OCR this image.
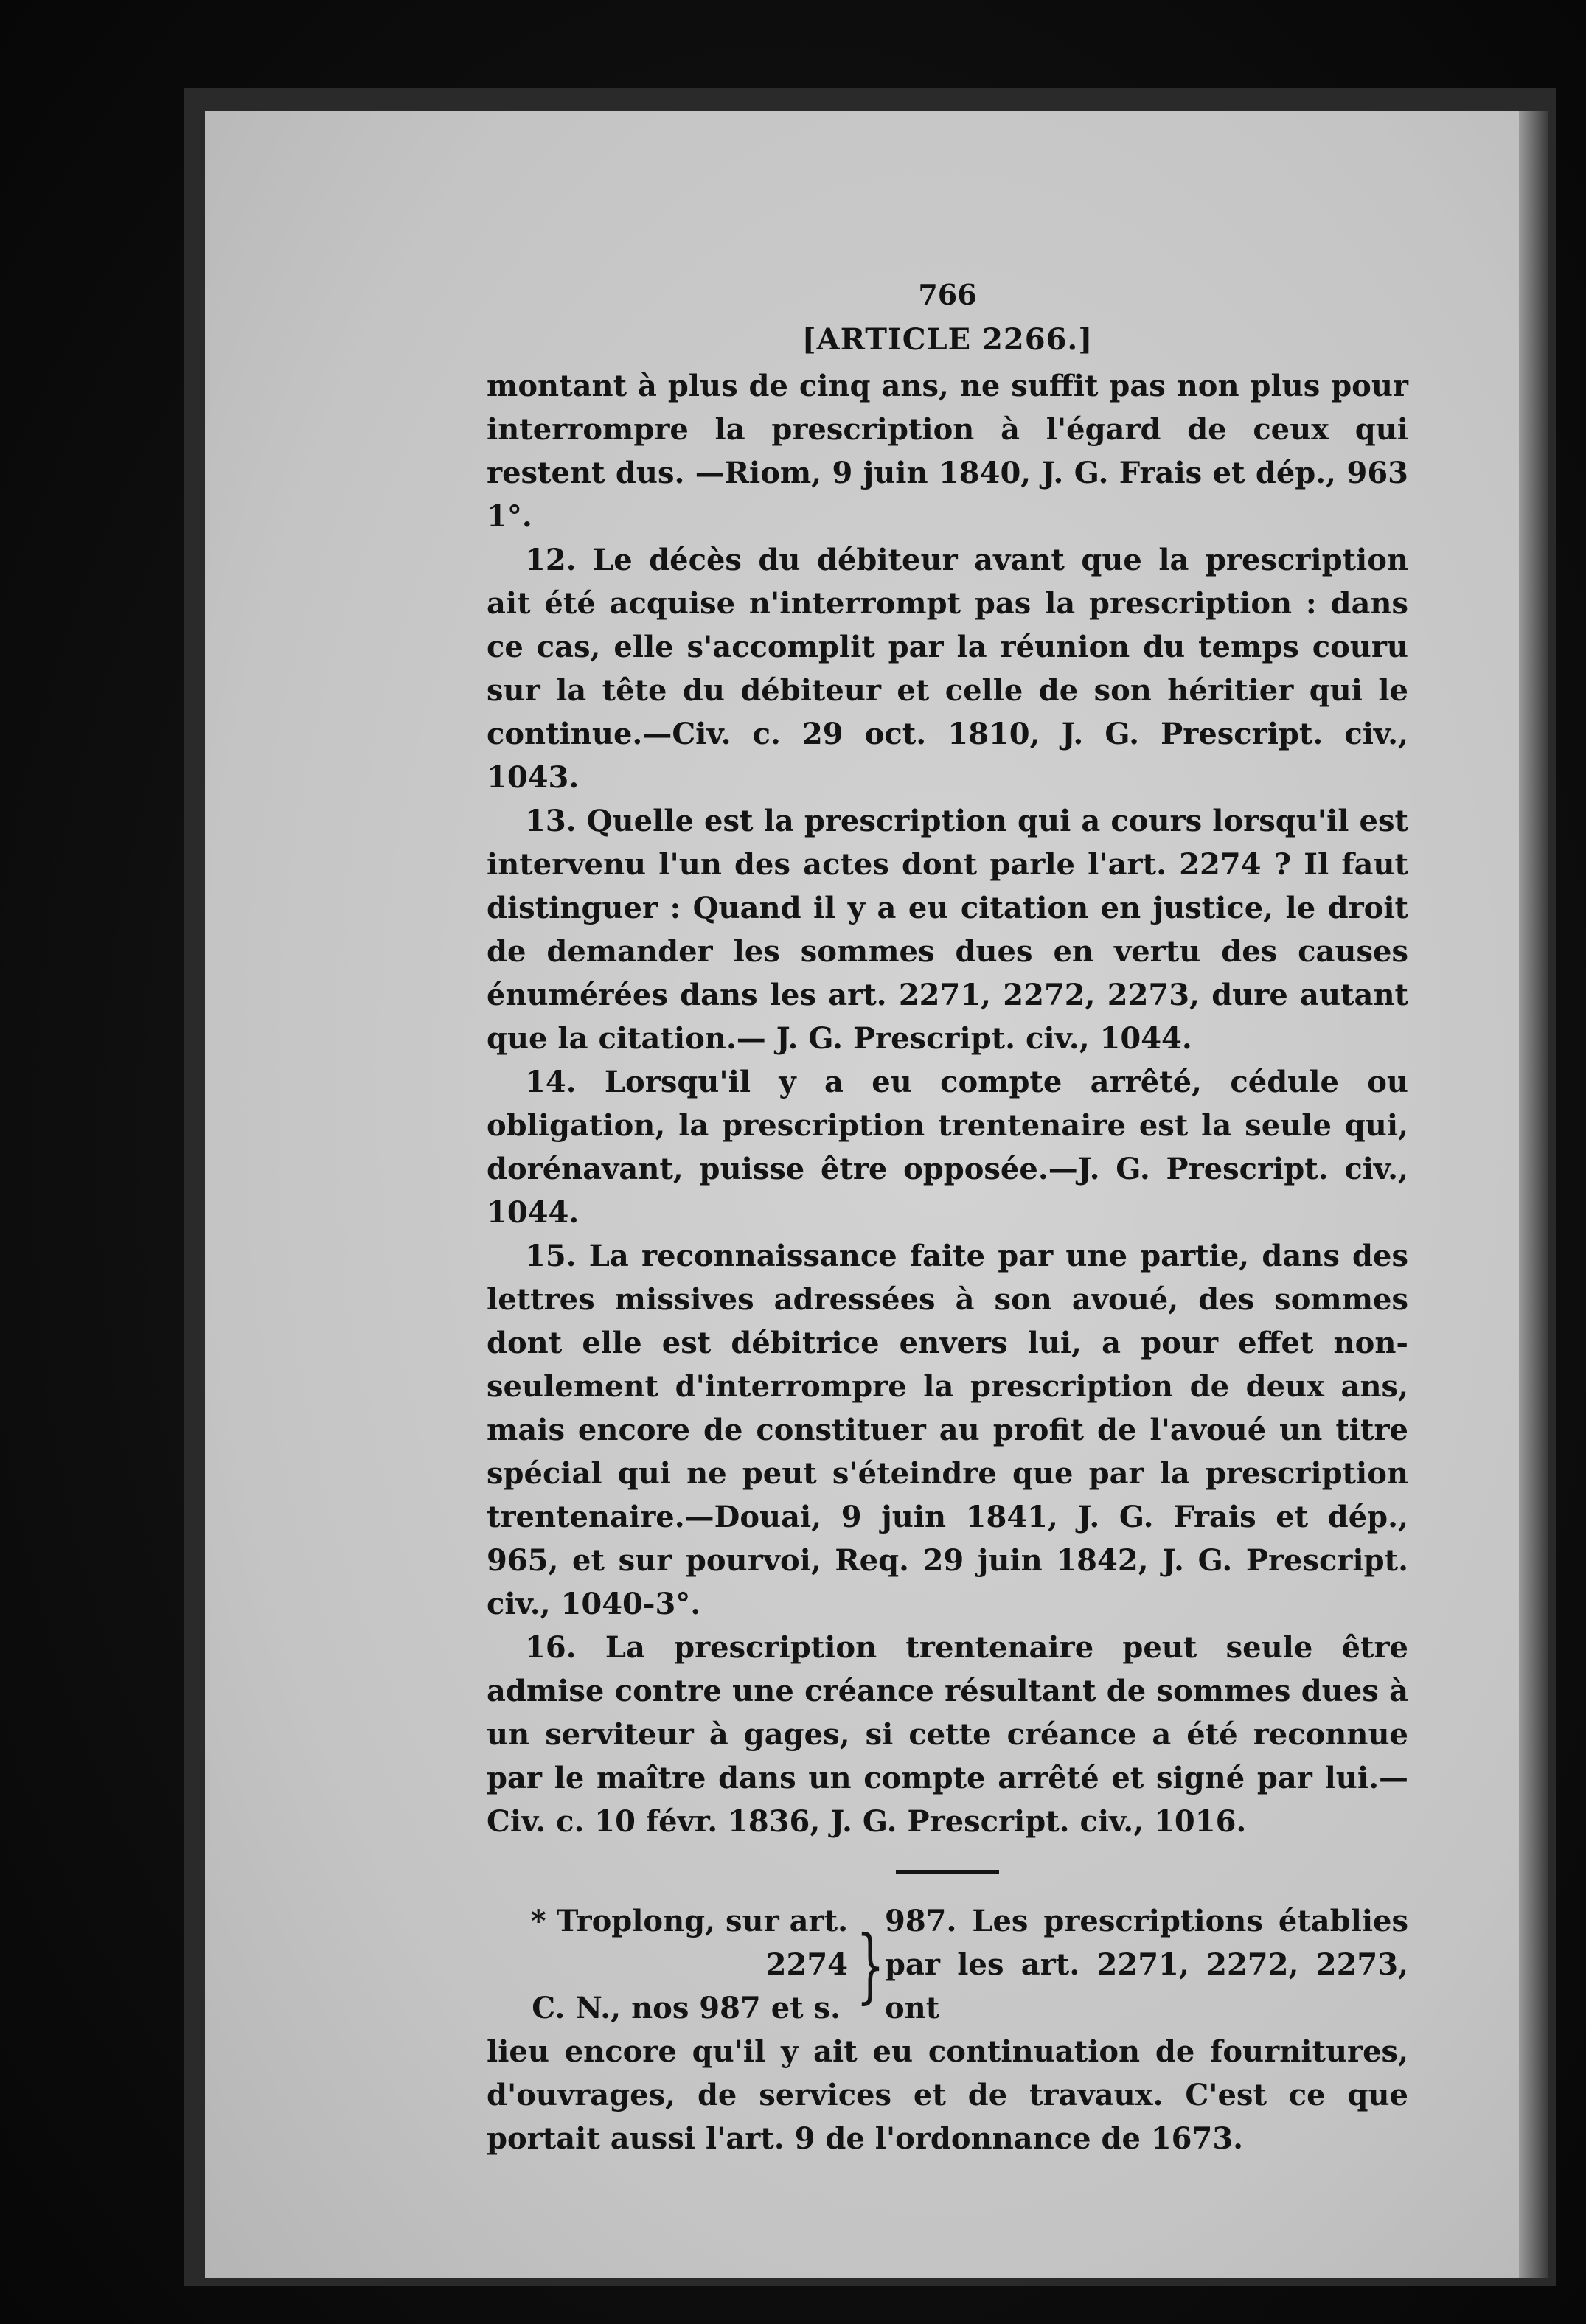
766
[ARTICLE 2266.]

montant à plus de cinq ans, ne suffit pas non plus pour interrompre la prescription à l'égard de ceux qui restent dus. —Riom, 9 juin 1840, J. G. Frais et dép., 963 1°.

12. Le décès du débiteur avant que la prescription ait été acquise n'interrompt pas la prescription : dans ce cas, elle s'accomplit par la réunion du temps couru sur la tête du débiteur et celle de son héritier qui le continue.—Civ. c. 29 oct. 1810, J. G. Prescript. civ., 1043.

13. Quelle est la prescription qui a cours lorsqu'il est intervenu l'un des actes dont parle l'art. 2274 ? Il faut distinguer : Quand il y a eu citation en justice, le droit de demander les sommes dues en vertu des causes énumérées dans les art. 2271, 2272, 2273, dure autant que la citation.— J. G. Prescript. civ., 1044.

14. Lorsqu'il y a eu compte arrêté, cédule ou obligation, la prescription trentenaire est la seule qui, dorénavant, puisse être opposée.—J. G. Prescript. civ., 1044.

15. La reconnaissance faite par une partie, dans des lettres missives adressées à son avoué, des sommes dont elle est débitrice envers lui, a pour effet non-seulement d'interrompre la prescription de deux ans, mais encore de constituer au profit de l'avoué un titre spécial qui ne peut s'éteindre que par la prescription trentenaire.—Douai, 9 juin 1841, J. G. Frais et dép., 965, et sur pourvoi, Req. 29 juin 1842, J. G. Prescript. civ., 1040-3°.

16. La prescription trentenaire peut seule être admise contre une créance résultant de sommes dues à un serviteur à gages, si cette créance a été reconnue par le maître dans un compte arrêté et signé par lui.—Civ. c. 10 févr. 1836, J. G. Prescript. civ., 1016.

* Troplong, sur art. 2274
C. N., nos 987 et s. } 987. Les prescriptions établies par les art. 2271, 2272, 2273, ont

lieu encore qu'il y ait eu continuation de fournitures, d'ouvrages, de services et de travaux. C'est ce que portait aussi l'art. 9 de l'ordonnance de 1673.
